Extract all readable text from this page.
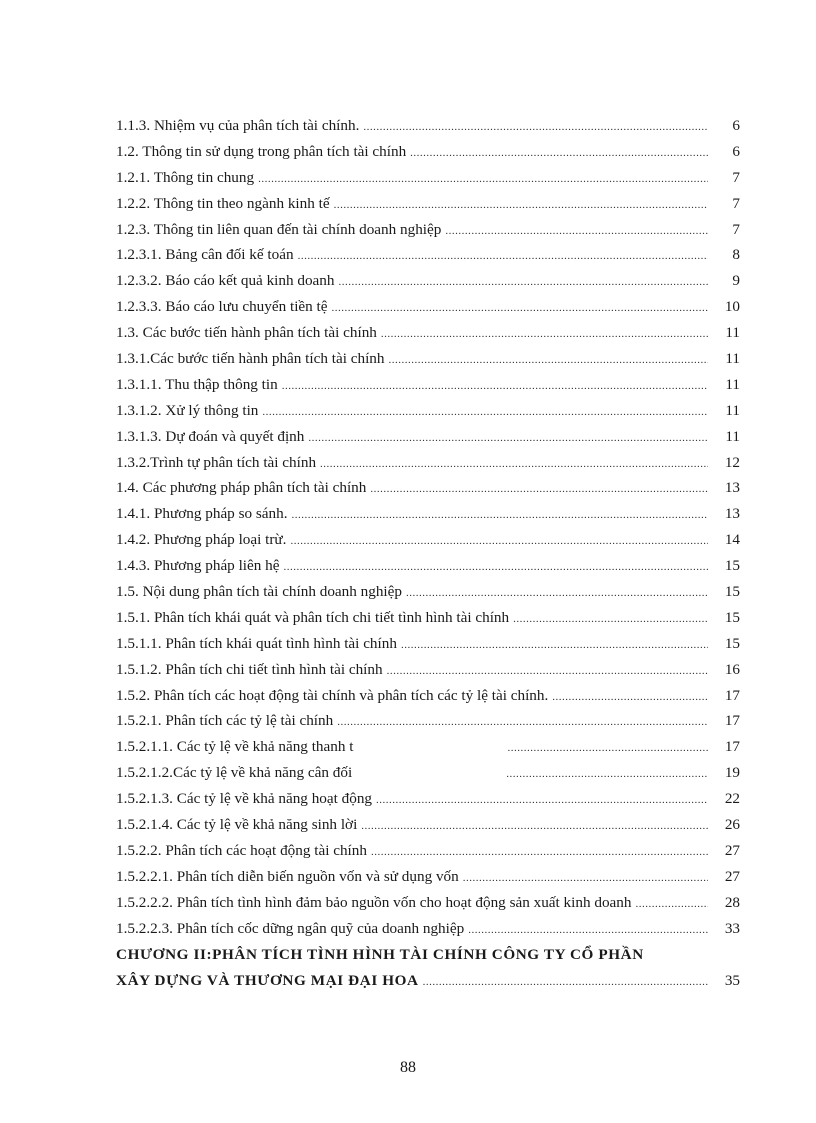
1.1.3. Nhiệm vụ của phân tích tài chính. .....	6
1.2. Thông tin sử dụng trong phân tích tài chính .....	6
1.2.1. Thông tin chung .....	7
1.2.2. Thông tin theo ngành kinh tế .....	7
1.2.3. Thông tin liên quan đến tài chính doanh nghiệp .....	7
1.2.3.1. Bảng cân đối kế toán .....	8
1.2.3.2. Báo cáo kết quả kinh doanh .....	9
1.2.3.3. Báo cáo lưu chuyển tiền tệ .....	10
1.3. Các bước tiến hành phân tích tài chính .....	11
1.3.1.Các bước tiến hành phân tích tài chính .....	11
1.3.1.1. Thu thập thông tin .....	11
1.3.1.2. Xử lý thông tin .....	11
1.3.1.3. Dự đoán và quyết định .....	11
1.3.2.Trình tự phân tích tài chính .....	12
1.4. Các phương pháp phân tích tài chính .....	13
1.4.1. Phương pháp so sánh. .....	13
1.4.2. Phương pháp loại trừ. .....	14
1.4.3. Phương pháp liên hệ .....	15
1.5. Nội dung phân tích tài chính doanh nghiệp .....	15
1.5.1. Phân tích khái quát và phân tích chi tiết tình hình tài chính .....	15
1.5.1.1. Phân tích khái quát tình hình tài chính .....	15
1.5.1.2. Phân tích chi tiết tình hình tài chính .....	16
1.5.2. Phân tích các hoạt động tài chính và phân tích các tỷ lệ tài chính. .....	17
1.5.2.1. Phân tích các tỷ lệ tài chính .....	17
1.5.2.1.1. Các tỷ lệ về khả năng thanh t .....	17
1.5.2.1.2.Các tỷ lệ về khả năng cân đối .....	19
1.5.2.1.3. Các tỷ lệ về khả năng hoạt động .....	22
1.5.2.1.4. Các tỷ lệ về khả năng sinh lời .....	26
1.5.2.2. Phân tích các hoạt động tài chính .....	27
1.5.2.2.1. Phân tích diễn biến nguồn vốn và sử dụng vốn .....	27
1.5.2.2.2. Phân tích tình hình đảm bảo nguồn vốn cho hoạt động sản xuất kinh doanh .....	28
1.5.2.2.3. Phân tích cốc dững ngân quỹ của doanh nghiệp .....	33
CHƯƠNG II:PHÂN TÍCH TÌNH HÌNH TÀI CHÍNH CÔNG TY CỔ PHẦN
XÂY DỰNG VÀ THƯƠNG MẠI ĐẠI HOA .....	35
88
